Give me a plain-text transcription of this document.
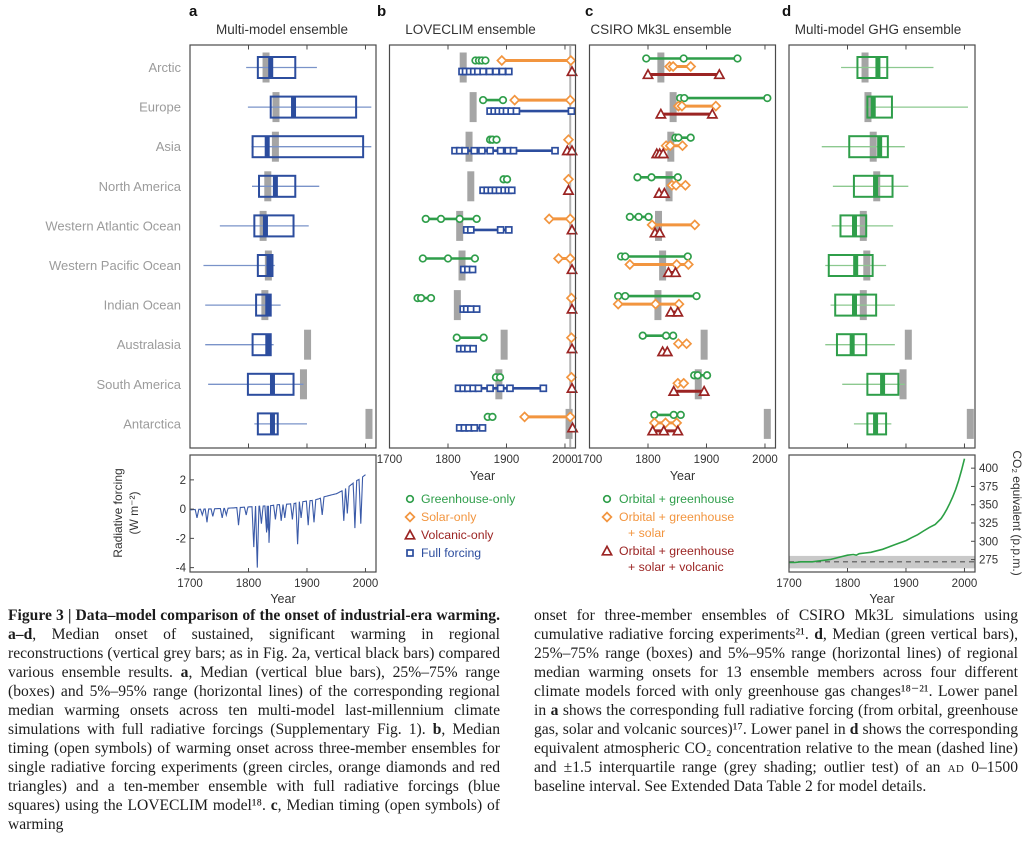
a
Multi-model ensemble
b
LOVECLIM ensemble
c
CSIRO Mk3L ensemble
d
Multi-model GHG ensemble
Arctic
Europe
Asia
North America
Western Atlantic Ocean
Western Pacific Ocean
Indian Ocean
Australasia
South America
Antarctica
1700	1800	1900	2000
Year
1700	1800	1900	2000
Year
2
0
-2
-4
1700	1800	1900	2000
Year
Radiative forcing (W m⁻²)
275
300
325
350
375
400
1700	1800	1900	2000
Year
CO₂ equivalent (p.p.m.)
Greenhouse-only
Solar-only
Volcanic-only
Full forcing
Orbital + greenhouse
Orbital + greenhouse
+ solar
Orbital + greenhouse
+ solar + volcanic
Figure 3 | Data–model comparison of the onset of industrial-era warming. a–d, Median onset of sustained, significant warming in regional reconstructions (vertical grey bars; as in Fig. 2a, vertical black bars) compared various ensemble results. a, Median (vertical blue bars), 25%–75% range (boxes) and 5%–95% range (horizontal lines) of the corresponding regional median warming onsets across ten multi-model last-millennium climate simulations with full radiative forcings (Supplementary Fig. 1). b, Median timing (open symbols) of warming onset across three-member ensembles for single radiative forcing experiments (green circles, orange diamonds and red triangles) and a ten-member ensemble with full radiative forcings (blue squares) using the LOVECLIM model¹⁸. c, Median timing (open symbols) of warming
onset for three-member ensembles of CSIRO Mk3L simulations using cumulative radiative forcing experiments²¹. d, Median (green vertical bars), 25%–75% range (boxes) and 5%–95% range (horizontal lines) of regional median warming onsets for 13 ensemble members across four different climate models forced with only greenhouse gas changes¹⁸⁻²¹. Lower panel in a shows the corresponding full radiative forcing (from orbital, greenhouse gas, solar and volcanic sources)¹⁷. Lower panel in d shows the corresponding equivalent atmospheric CO₂ concentration relative to the mean (dashed line) and ±1.5 interquartile range (grey shading; outlier test) of an ad 0–1500 baseline interval. See Extended Data Table 2 for model details.
